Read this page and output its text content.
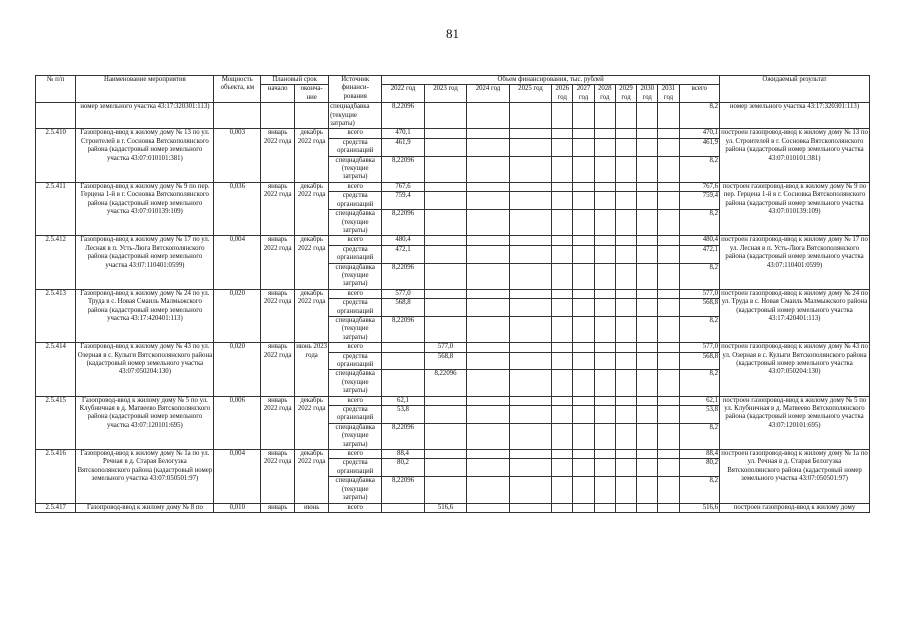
81
№ п/п	Наименование мероприятия	Мощность объекта, км	Плановый срок		Источник финанси-рования	Объем финансирования, тыс. рублей											Ожидаемый результат
			начало	оконча-ние		2022 год	2023 год	2024 год	2025 год	2026 год	2027 год	2028 год	2029 год	2030 год	2031 год	всего	
	номер земельного участка 43:17:320301:113)				спецнадбавка (текущие затраты)	8,22096										8,2	номер земельного участка 43:17:320301:113)
2.5.410	Газопровод-ввод к жилому дому № 13 по ул. Строителей в г. Сосновка Вятскополянского района (кадастровый номер земельного участка 43:07:010101:381)	0,003	январь 2022 года	декабрь 2022 года	всего	470,1										470,1	построен газопровод-ввод к жилому дому № 13 по ул. Строителей в г. Сосновка Вятскополянского района (кадастровый номер земельного участка 43:07:010101:381)
					средства организаций	461,9										461,9	
					спецнадбавка (текущие затраты)	8,22096										8,2	
2.5.411	Газопровод-ввод к жилому дому № 9 по пер. Герцена 1-й в г. Сосновка Вятскополянского района (кадастровый номер земельного участка 43:07:010139:109)	0,036	январь 2022 года	декабрь 2022 года	всего	767,6										767,6	построен газопровод-ввод к жилому дому № 9 по пер. Герцена 1-й в г. Сосновка Вятскополянского района (кадастровый номер земельного участка 43:07:010139:109)
					средства организаций	759,4										759,4	
					спецнадбавка (текущие затраты)	8,22096										8,2	
2.5.412	Газопровод-ввод к жилому дому № 17 по ул. Лесная в п. Усть-Люга Вятскополянского района (кадастровый номер земельного участка 43:07:110401:0599)	0,004	январь 2022 года	декабрь 2022 года	всего	480,4										480,4	построен газопровод-ввод к жилому дому № 17 по ул. Лесная в п. Усть-Люга Вятскополянского района (кадастровый номер земельного участка 43:07:110401:0599)
					средства организаций	472,1										472,1	
					спецнадбавка (текущие затраты)	8,22096										8,2	
2.5.413	Газопровод-ввод к жилому дому № 24 по ул. Труда в с. Новая Смаиль Малмыжского района (кадастровый номер земельного участка 43:17:420401:113)	0,020	январь 2022 года	декабрь 2022 года	всего	577,0										577,0	построен газопровод-ввод к жилому дому № 24 по ул. Труда в с. Новая Смаиль Малмыжского района (кадастровый номер земельного участка 43:17:420401:113)
					средства организаций	568,8										568,8	
					спецнадбавка (текущие затраты)	8,22096										8,2	
2.5.414	Газопровод-ввод к жилому дому № 43 по ул. Озерная в с. Кулыги Вятскополянского района (кадастровый номер земельного участка 43:07:050204:130)	0,020	январь 2022 года	июнь 2023 года	всего		577,0									577,0	построен газопровод-ввод к жилому дому № 43 по ул. Озерная в с. Кулыги Вятскополянского района (кадастровый номер земельного участка 43:07:050204:130)
					средства организаций		568,8									568,8	
					спецнадбавка (текущие затраты)		8,22096									8,2	
2.5.415	Газопровод-ввод к жилому дому № 5 по ул. Клубничная в д. Матвеево Вятскополянского района (кадастровый номер земельного участка 43:07:120101:695)	0,006	январь 2022 года	декабрь 2022 года	всего	62,1										62,1	построен газопровод-ввод к жилому дому № 5 по ул. Клубничная в д. Матвеево Вятскополянского района (кадастровый номер земельного участка 43:07:120101:695)
					средства организаций	53,8										53,8	
					спецнадбавка (текущие затраты)	8,22096										8,2	
2.5.416	Газопровод-ввод к жилому дому № 1а по ул. Речная в д. Старая Белогузка Вятскополянского района (кадастровый номер земельного участка 43:07:050501:97)	0,004	январь 2022 года	декабрь 2022 года	всего	88,4										88,4	построен газопровод-ввод к жилому дому № 1а по ул. Речная в д. Старая Белогузка Вятскополянского района (кадастровый номер земельного участка 43:07:050501:97)
					средства организаций	80,2										80,2	
					спецнадбавка (текущие затраты)	8,22096										8,2	
2.5.417	Газопровод-ввод к жилому дому № 8 по	0,010	январь	июнь	всего		516,6									516,6	построен газопровод-ввод к жилому дому
